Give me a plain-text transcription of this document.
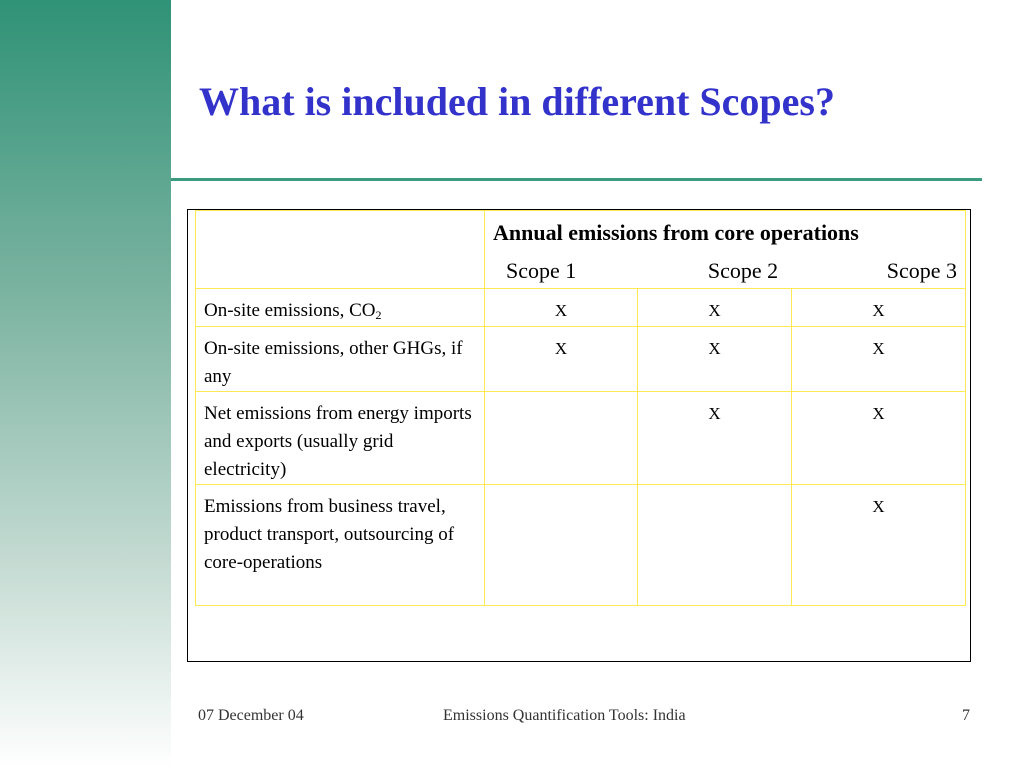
What is included in different Scopes?

	Annual emissions from core operations
Scope 1 Scope 2 Scope 3		

On-site emissions, $CO_2$	X	X	X
On-site emissions, other GHGs, if any	X	X	X
Net emissions from energy imports and exports (usually grid electricity)		X	X
Emissions from business travel, product transport, outsourcing of core-operations			X
07 December 04	Emissions Quantification Tools: India	7
